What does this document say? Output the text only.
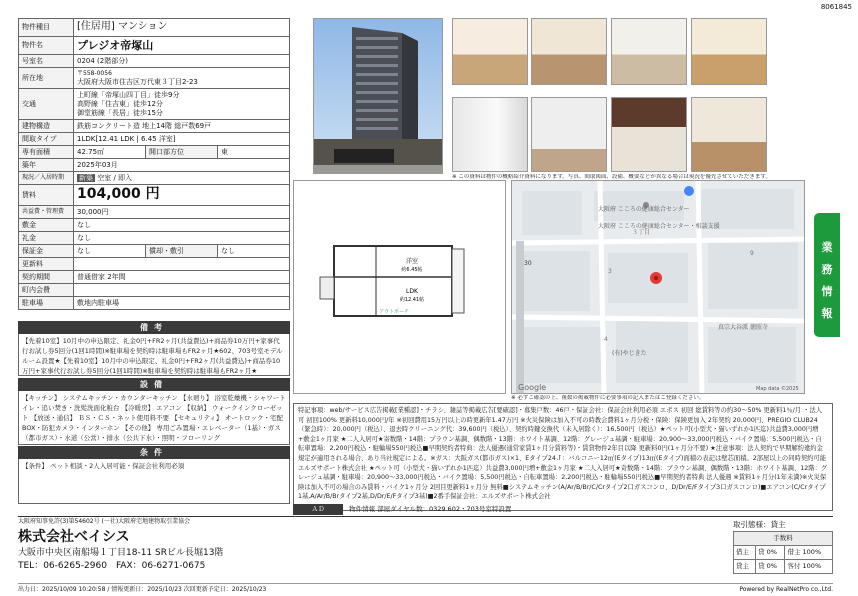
8061845
物件種目	[住居用] マンション		
物件名	プレジオ帝塚山		
号室名	0204 (2階部分)		
所在地	〒558-0056
大阪府大阪市住吉区万代東３丁目2-23		

交通	上町線「帝塚山四丁目」徒歩9分
高野線「住吉東」徒歩12分
御堂筋線「長居」徒歩15分		

建物構造	鉄筋コンクリート造 地上14階 総戸数69戸		
間取タイプ	1LDK[12.41 LDK | 6.45 洋室]		
専有面積	42.75㎡	開口部方位	東
築年	2025年03月		
現況／入居時期	新築 空室 / 即入		
賃料	104,000 円		
共益費・管理費	30,000円		
敷金	なし		
礼金	なし		
保証金	なし	償却・敷引	なし
更新料			
契約期間	普通借家 2年間		
町内会費			
駐車場	敷地内駐車場		
備考
【先着10室】10月中の申込限定、礼金0円+FR2ヶ月(共益費込)+商品券10万円+家事代行お試し券5回分(1回1時間)※駐車場を契約時は駐車場もFR2ヶ月★602、703号室モデルルーム設置★【先着10室】10月中の申込限定、礼金0円+FR2ヶ月(共益費込)+商品券10万円+家事代行お試し券5回分(1回1時間)※駐車場を契約時は駐車場もFR2ヶ月★
設備
【キッチン】 システムキッチン・カウンターキッチン 【水廻り】 浴室乾燥機・シャワートイレ・追い焚き・洗髪洗面化粧台 【冷暖房】 エアコン 【収納】 ウォークインクローゼット 【放送・通信】 ＢＳ・ＣＳ・ネット使用料不要 【セキュリティ】 オートロック・宅配BOX・防犯カメラ・インターホン 【その他】 専用ごみ置場・エレベーター（1基）・ガス（都市ガス）・水道（公営）・排水（公共下水）・照明・フローリング
条件
【条件】 ペット相談・2人入居可能・保証会社利用必須
洋室
約6.45帖
LDK
約12.41帖
アウトポーチ
大阪府 こころの健康総合センター
大阪府 こころの健康総合センター・相談支援
３丁目
真宗大谷派 徳照寺
(有)やじきた
9
3
4
30
Google	Map data ©2025
※ この資料は物件の概略紹介資料になります。写真、間取図面、設備、概要などが異なる場合は現況を優先させていただきます。
※ 必ずご確認の上、複数の掲載物件に必要事項の記入またはご登録ください。
特記事項：web/サービス広告掲載[業種認]・チラシ、雑誌等掲載広告[要確認]・募集戸数：46戸・保証会社：保証会社利用必須 エポス 初回 総賃料等の約30～50% 更新料1％/月 ・法人可 初回100% 更新料10,000円/年 ※初回費用15万円以上の時更新年1.47万円 ※火災保険は加入不可の時教会費料1ヶ月分税・保険：保険更加入 2年契約 20,000円、PREGIO CLUB24（緊急時）：20,000円（税込）、退去時クリーニング代：39,600円（税込）、契約時鍵交換代（未入居除く）：16,500円（税込）★ペット可(小型犬・猫いずれか1匹迄)共益費3,000円増+敷金1ヶ月家 ★二人入居可★寄数階・14階：プラウン基調、偶数階・13階：ホワイト基調、12階：グレージュ基調・駐車場：20,900～33,000円税込・バイク置場：5,500円税込・自転車置場：2,200円税込・駐輪場550円税込■早期契約者特典：法人優遇(通常家賃1ヶ月分賃料等)・賃貸物件2年目以降 更新料0円(1ヶ月分不要) ★注意事項：法人契約で早期解約違約金規定が適用される場合、あり当社規定による。※ガス：大阪ガス(都市ガス)×1、Eタイプ24Ｊ：バルコニー12㎡(Eタイプ)13㎡(Eタイプ)面積の表記は壁芯面積。2部屋以上の同時契約可能 エルズサポート株式会社 ★ペット可（小型犬・猫いずれか1匹迄）共益費3,000円増+敷金1ヶ月家 ★二人入居可★奇数階・14階：ブラウン基調、偶数階・13階：ホワイト基調、12階：グレージュ基調・駐車場：20,900～33,000円税込・バイク置場：5,500円税込・自転車置場：2,200円税込・駐輪場550円税込■早期契約者特典 法人優遇 ※賃料1ヶ月分(1年未満)※火災保険は加入不可の場合のみ賃料・バイク1ヶ月分 2回目更新料1ヶ月分 無料■システムキッチン(A/Ar/B/Br/C/Crタイプ2口ガスコンロ、D/Dr/E/Fタイプ3口ガスコンロ)■エアコン(C/Crタイプ1基,A/Ar/B/Brタイプ2基,D/Dr/E/Fタイプ3基)■2番手保証会社：エルズサポート株式会社
ＡＤ	物件情報 部屋ダイヤル数：0329 602・703号室特設置
業
務
情
報
大阪府知事免許(3)第54602号 (一社)大阪府宅地建物取引業協会
株式会社ベイシス
大阪市中央区南船場１丁目18-11 SRビル長堀13階
TEL：06-6265-2960　FAX：06-6271-0675
取引態様：貸主
手数料		
借主	貸 0%	借主 100%
貸主	貸 0%	客付 100%
出力日：2025/10/09 10:20:58 / 情報更新日：2025/10/23 次回更新予定日：2025/10/23	Powered by RealNetPro co.,Ltd.
